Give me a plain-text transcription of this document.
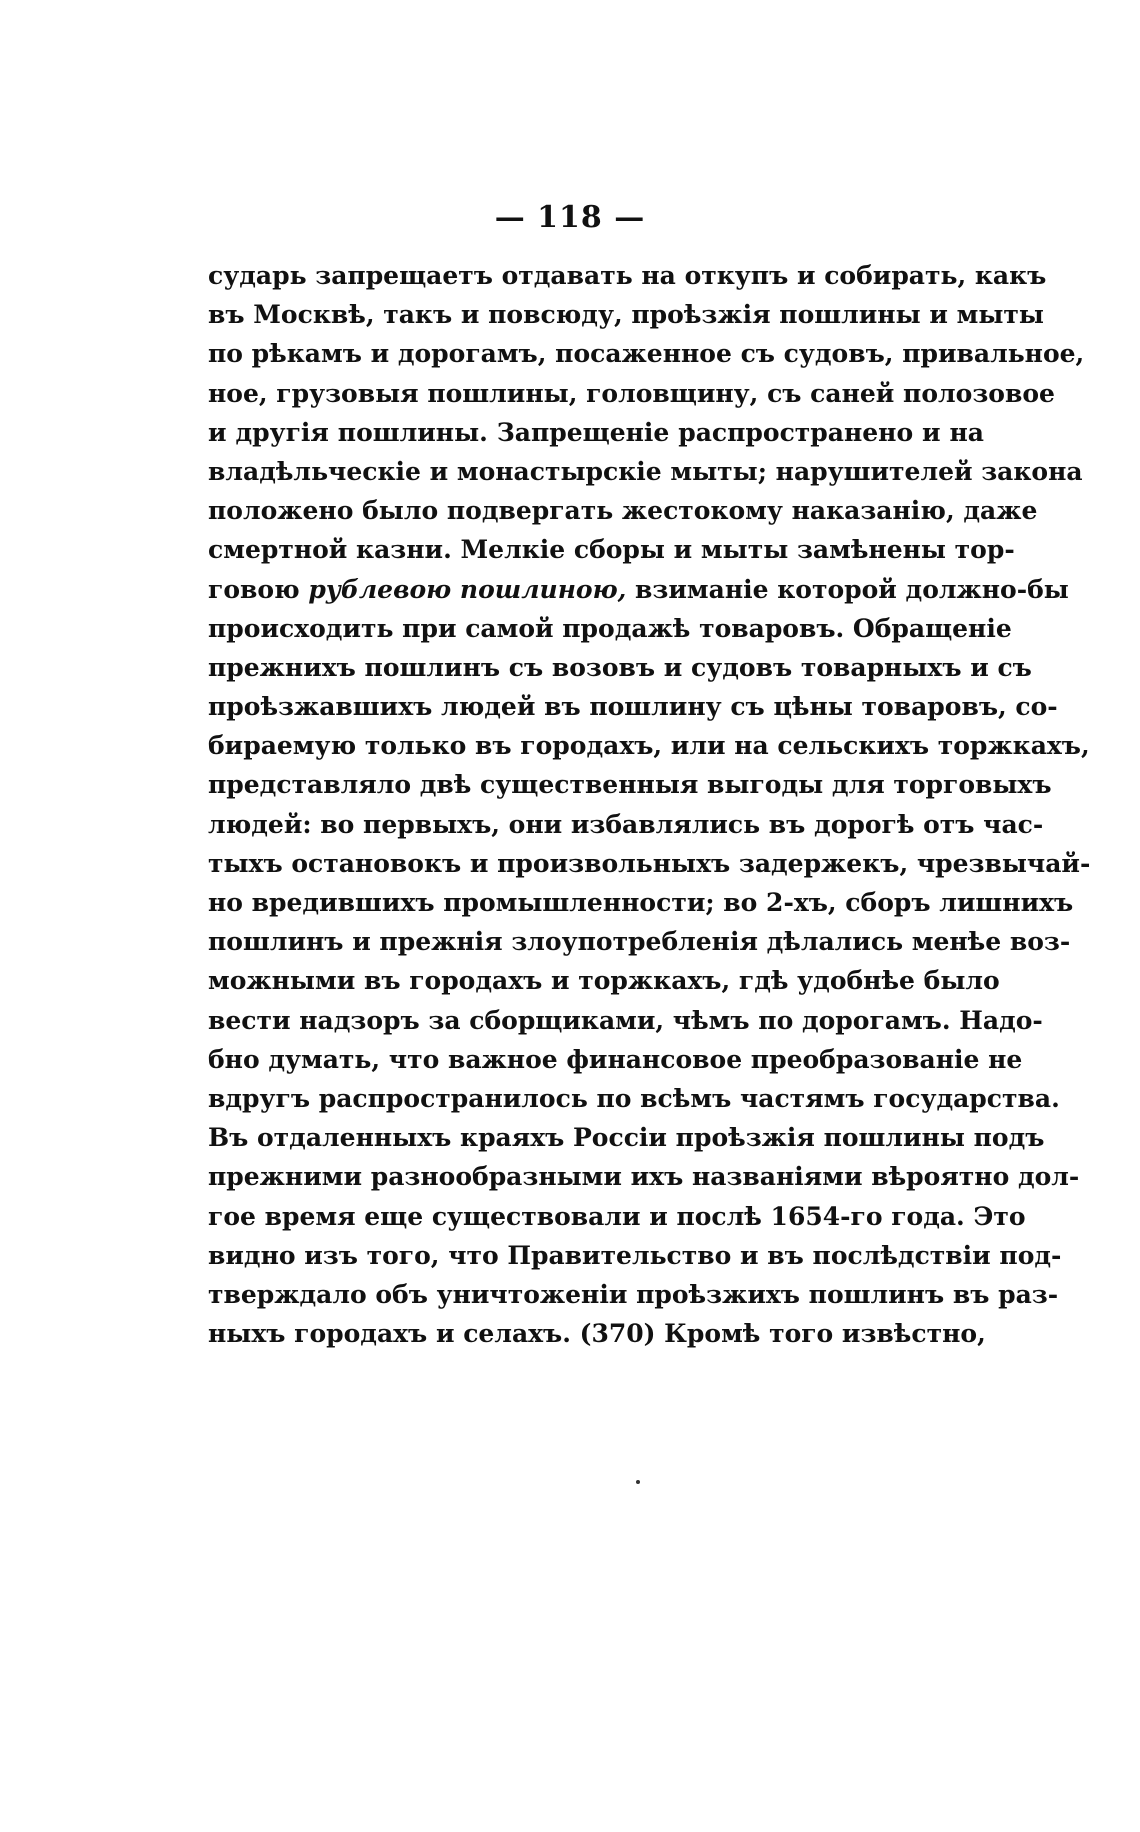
— 118 —
сударь запрещаетъ отдавать на откупъ и собирать, какъ
въ Москвѣ, такъ и повсюду, проѣзжія пошлины и мыты
по рѣкамъ и дорогамъ, посаженное съ судовъ, привальное,
ное, грузовыя пошлины, головщину, съ саней полозовое
и другія пошлины. Запрещеніе распространено и на
владѣльческіе и монастырскіе мыты; нарушителей закона
положено было подвергать жестокому наказанію, даже
смертной казни. Мелкіе сборы и мыты замѣнены тор-
говою рублевою пошлиною, взиманіе которой должно-бы
происходить при самой продажѣ товаровъ. Обращеніе
прежнихъ пошлинъ съ возовъ и судовъ товарныхъ и съ
проѣзжавшихъ людей въ пошлину съ цѣны товаровъ, со-
бираемую только въ городахъ, или на сельскихъ торжкахъ,
представляло двѣ существенныя выгоды для торговыхъ
людей: во первыхъ, они избавлялись въ дорогѣ отъ час-
тыхъ остановокъ и произвольныхъ задержекъ, чрезвычай-
но вредившихъ промышленности; во 2-хъ, сборъ лишнихъ
пошлинъ и прежнія злоупотребленія дѣлались менѣе воз-
можными въ городахъ и торжкахъ, гдѣ удобнѣе было
вести надзоръ за сборщиками, чѣмъ по дорогамъ. Надо-
бно думать, что важное финансовое преобразованіе не
вдругъ распространилось по всѣмъ частямъ государства.
Въ отдаленныхъ краяхъ Россіи проѣзжія пошлины подъ
прежними разнообразными ихъ названіями вѣроятно дол-
гое время еще существовали и послѣ 1654-го года. Это
видно изъ того, что Правительство и въ послѣдствіи под-
тверждало объ уничтоженіи проѣзжихъ пошлинъ въ раз-
ныхъ городахъ и селахъ. (370) Кромѣ того извѣстно,
